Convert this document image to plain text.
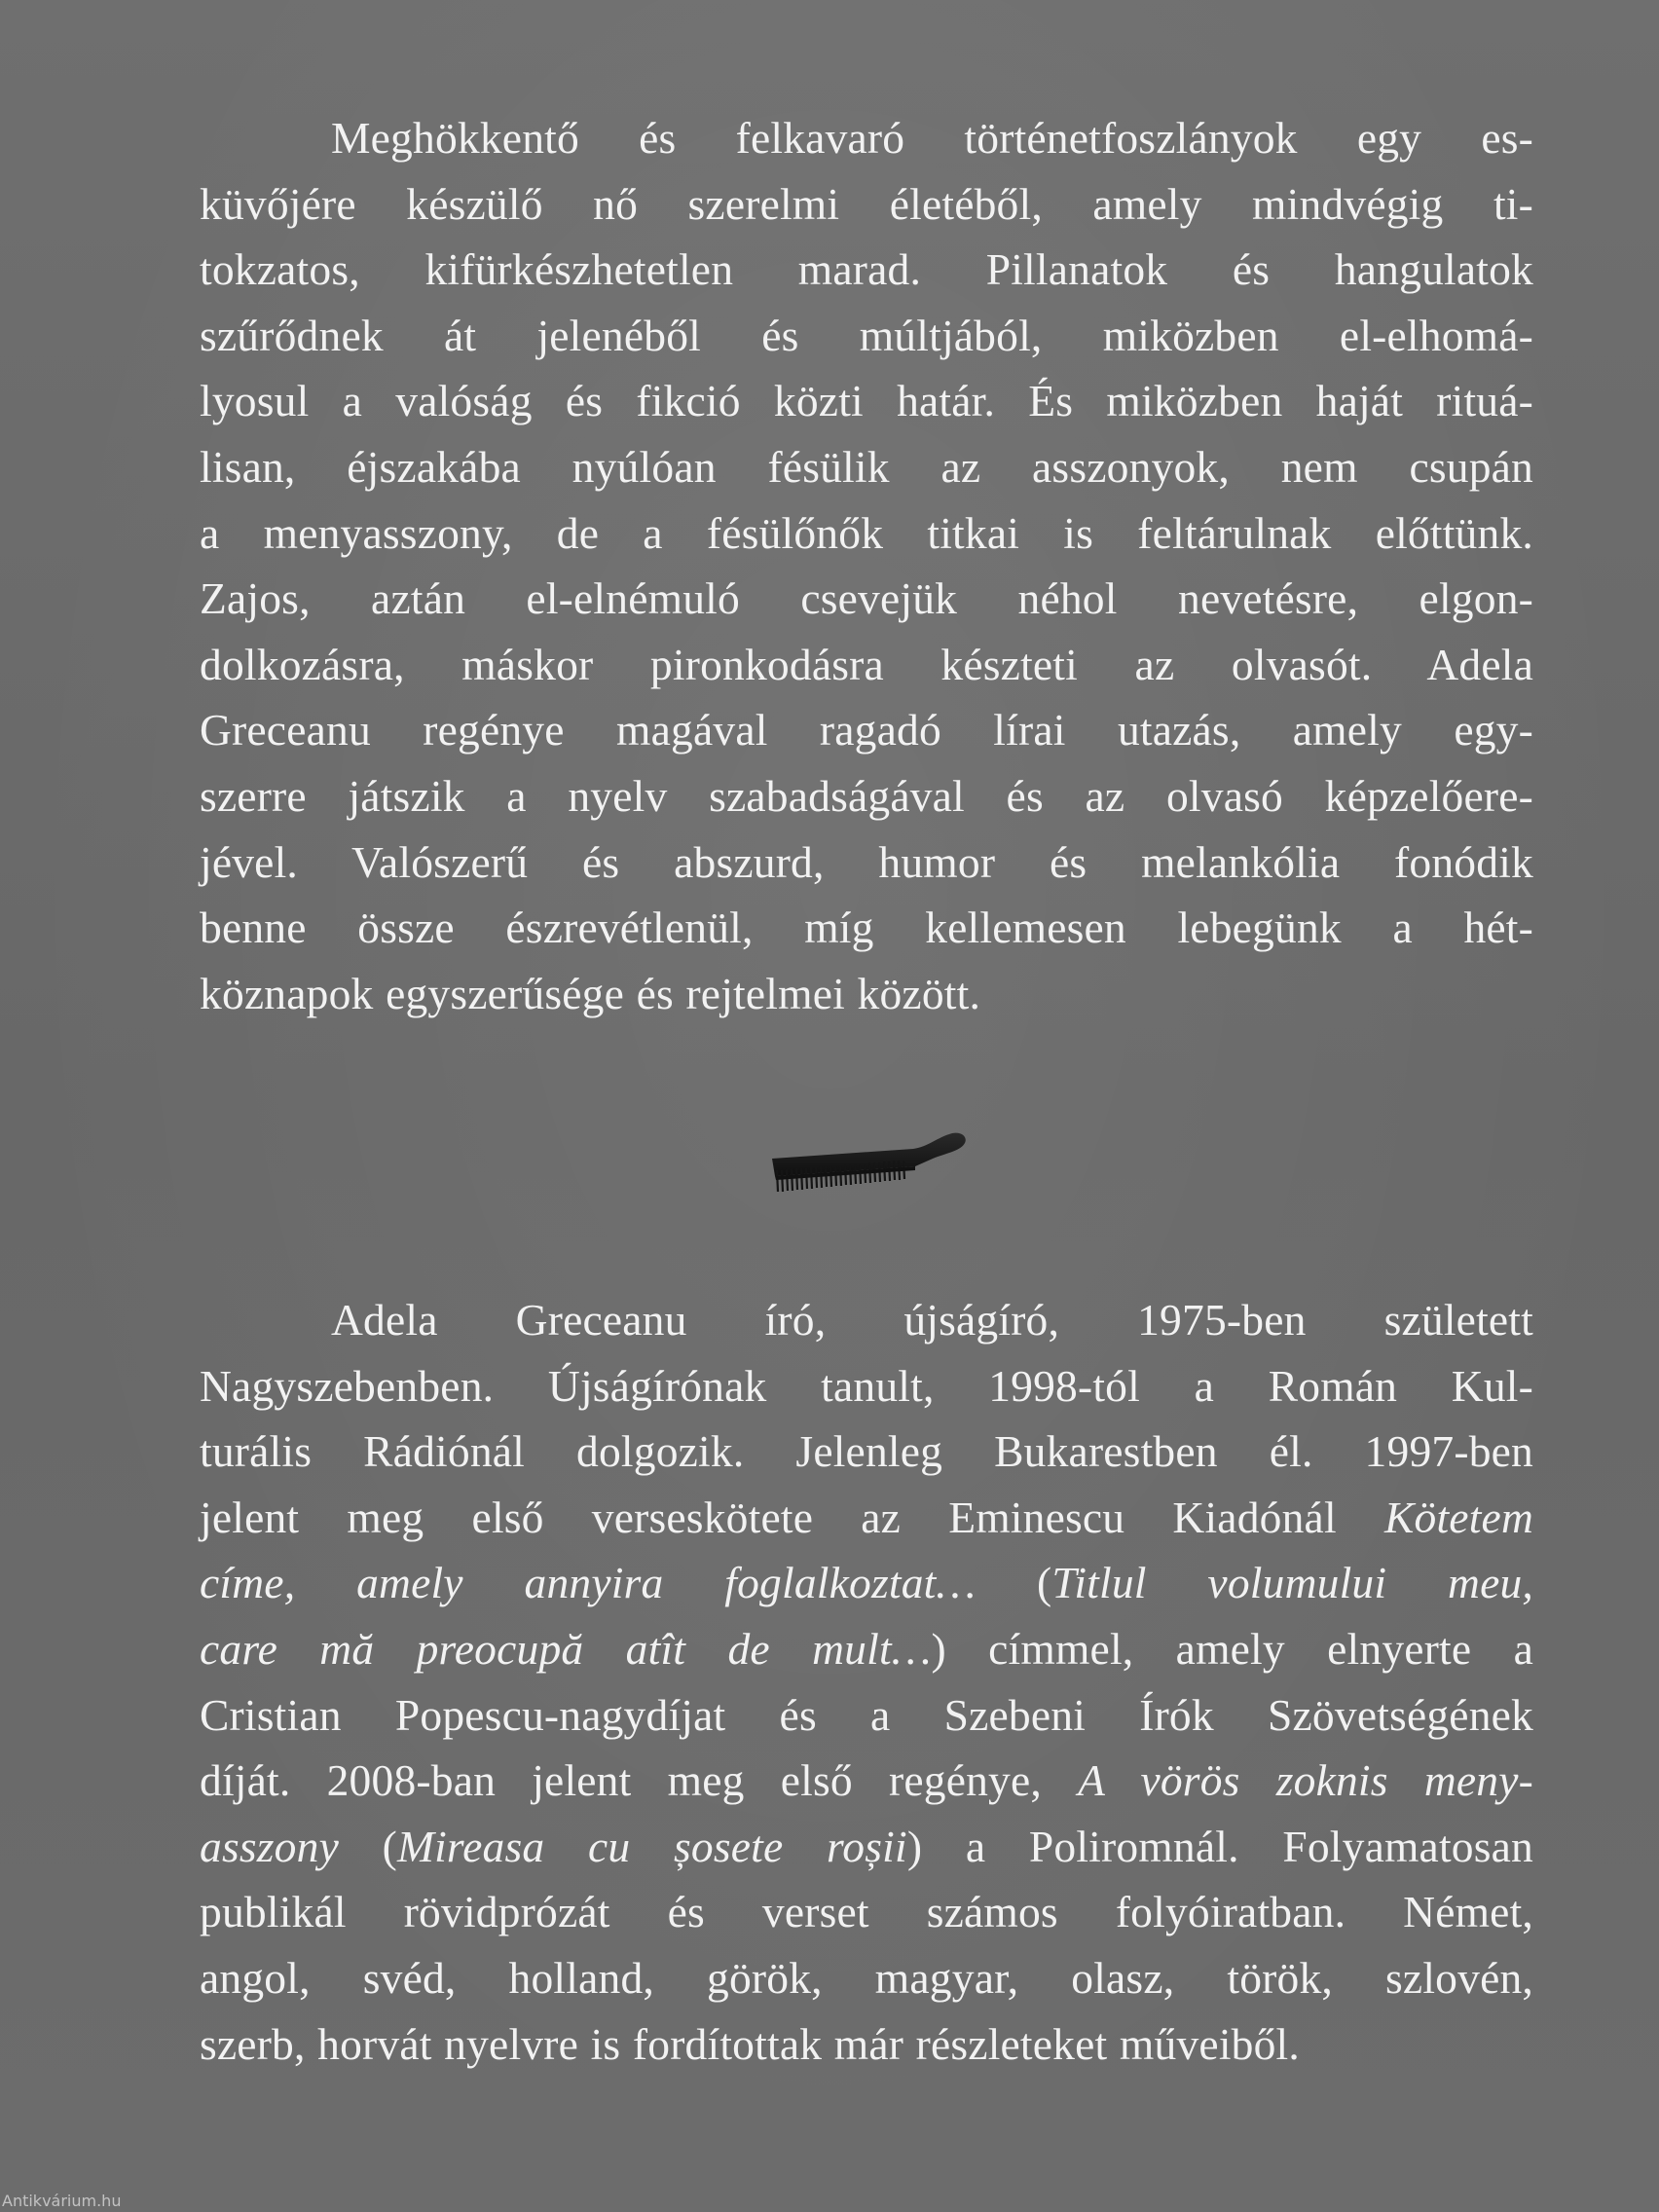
Meghökkentő és felkavaró történetfoszlányok egy es-
küvőjére készülő nő szerelmi életéből, amely mindvégig ti-
tokzatos, kifürkészhetetlen marad. Pillanatok és hangulatok
szűrődnek át jelenéből és múltjából, miközben el-elhomá-
lyosul a valóság és fikció közti határ. És miközben haját rituá-
lisan, éjszakába nyúlóan fésülik az asszonyok, nem csupán
a menyasszony, de a fésülőnők titkai is feltárulnak előttünk.
Zajos, aztán el-elnémuló csevejük néhol nevetésre, elgon-
dolkozásra, máskor pironkodásra készteti az olvasót. Adela
Greceanu regénye magával ragadó lírai utazás, amely egy-
szerre játszik a nyelv szabadságával és az olvasó képzelőere-
jével. Valószerű és abszurd, humor és melankólia fonódik
benne össze észrevétlenül, míg kellemesen lebegünk a hét-
köznapok egyszerűsége és rejtelmei között.
Adela Greceanu író, újságíró, 1975-ben született
Nagyszebenben. Újságírónak tanult, 1998-tól a Román Kul-
turális Rádiónál dolgozik. Jelenleg Bukarestben él. 1997-ben
jelent meg első verseskötete az Eminescu Kiadónál Kötetem
címe, amely annyira foglalkoztat… (Titlul volumului meu,
care mă preocupă atît de mult…) címmel, amely elnyerte a
Cristian Popescu-nagydíjat és a Szebeni Írók Szövetségének
díját. 2008-ban jelent meg első regénye, A vörös zoknis meny-
asszony (Mireasa cu șosete roșii) a Poliromnál. Folyamatosan
publikál rövidprózát és verset számos folyóiratban. Német,
angol, svéd, holland, görök, magyar, olasz, török, szlovén,
szerb, horvát nyelvre is fordítottak már részleteket műveiből.
Antikvárium.hu
